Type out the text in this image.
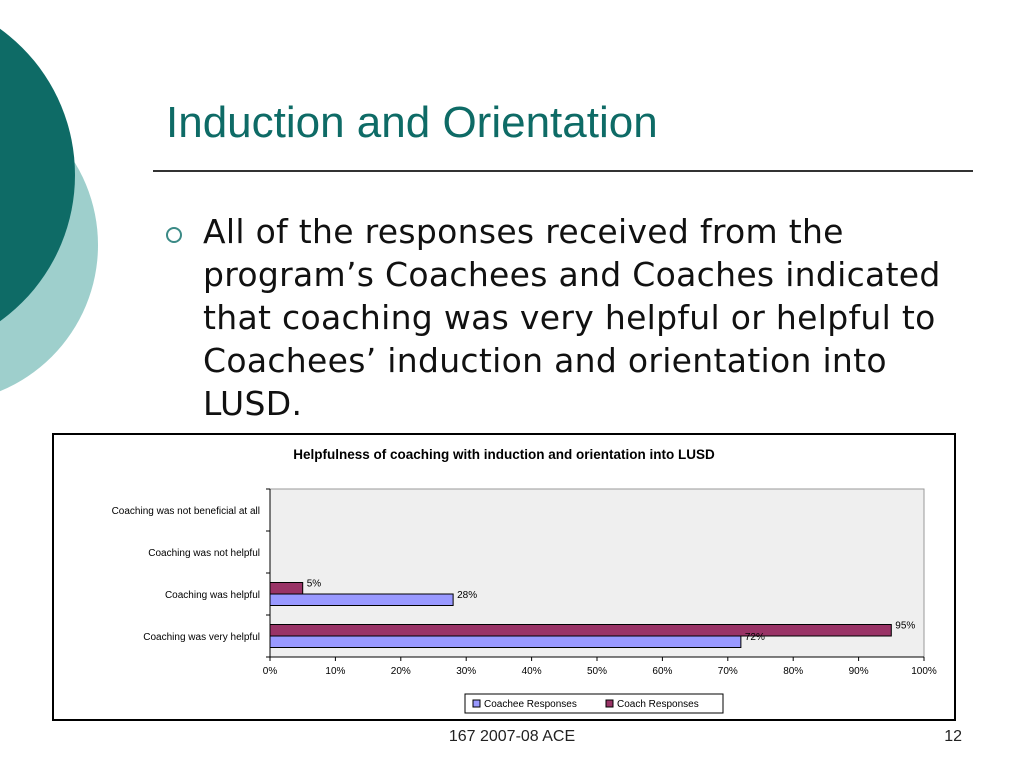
Induction and Orientation
All of the responses received from the program’s Coachees and Coaches indicated that coaching was very helpful or helpful to Coachees’ induction and orientation into LUSD.
Helpfulness of coaching with induction and orientation into LUSD
0%	10%	20%	30%	40%	50%	60%	70%	80%	90%	100%
Coaching was not beneficial at all
Coaching was not helpful
Coaching was helpful
Coaching was very helpful
5%
28%
95%
72%
Coachee Responses	Coach Responses
167 2007-08 ACE	12
